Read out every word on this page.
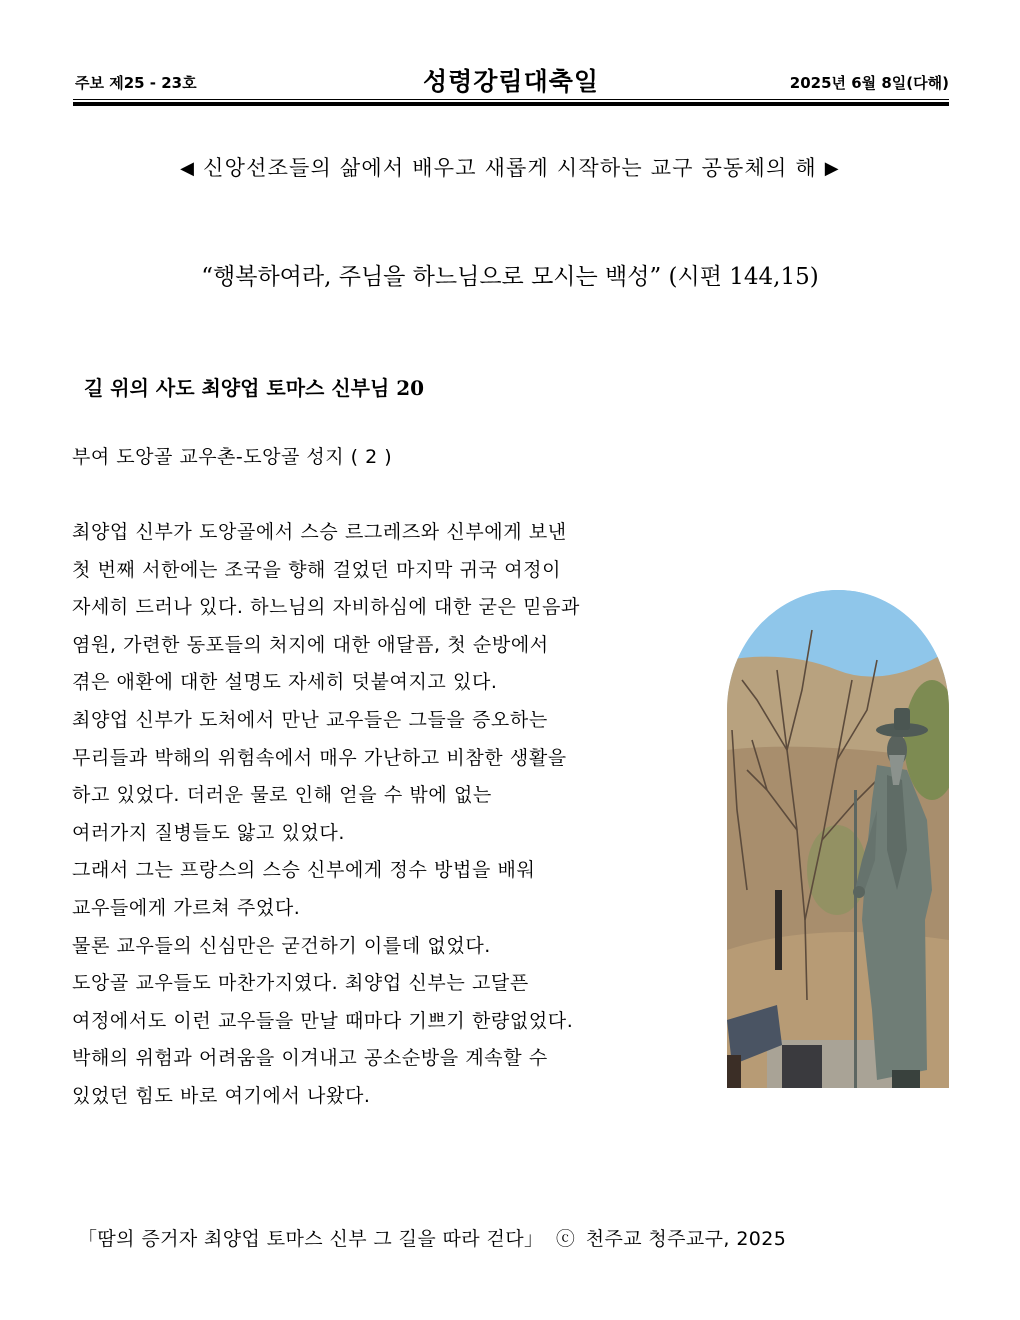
주보 제25 - 23호	성령강림대축일	2025년 6월 8일(다해)
◀ 신앙선조들의 삶에서 배우고 새롭게 시작하는 교구 공동체의 해 ▶
“행복하여라, 주님을 하느님으로 모시는 백성” (시편 144,15)
길 위의 사도 최양업 토마스 신부님 20
부여 도앙골 교우촌-도앙골 성지 ( 2 )
최양업 신부가 도앙골에서 스승 르그레즈와 신부에게 보낸
첫 번째 서한에는 조국을 향해 걸었던 마지막 귀국 여정이
자세히 드러나 있다. 하느님의 자비하심에 대한 굳은 믿음과
염원, 가련한 동포들의 처지에 대한 애달픔, 첫 순방에서
겪은 애환에 대한 설명도 자세히 덧붙여지고 있다.
최양업 신부가 도처에서 만난 교우들은 그들을 증오하는
무리들과 박해의 위험속에서 매우 가난하고 비참한 생활을
하고 있었다. 더러운 물로 인해 얻을 수 밖에 없는
여러가지 질병들도 앓고 있었다.
그래서 그는 프랑스의 스승 신부에게 정수 방법을 배워
교우들에게 가르쳐 주었다.
물론 교우들의 신심만은 굳건하기 이를데 없었다.
도앙골 교우들도 마찬가지였다. 최양업 신부는 고달픈
여정에서도 이런 교우들을 만날 때마다 기쁘기 한량없었다.
박해의 위험과 어려움을 이겨내고 공소순방을 계속할 수
있었던 힘도 바로 여기에서 나왔다.
「땀의 증거자 최양업 토마스 신부 그 길을 따라 걷다」 ⓒ 천주교 청주교구, 2025
